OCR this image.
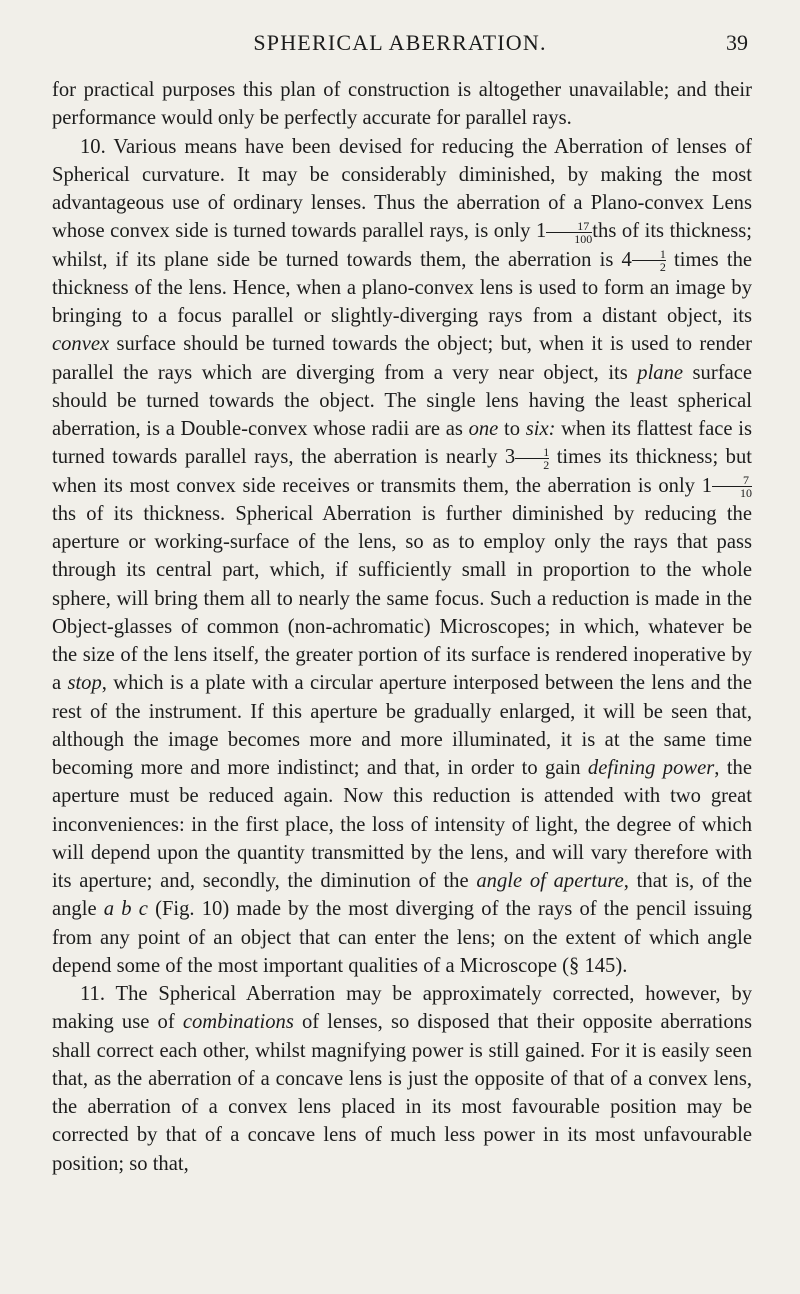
SPHERICAL ABERRATION.	39

for practical purposes this plan of construction is altogether unavailable; and their performance would only be perfectly accurate for parallel rays.

10. Various means have been devised for reducing the Aberration of lenses of Spherical curvature. It may be considerably diminished, by making the most advantageous use of ordinary lenses. Thus the aberration of a Plano-convex Lens whose convex side is turned towards parallel rays, is only $1 \frac{17}{100}$ ths of its thickness; whilst, if its plane side be turned towards them, the aberration is $4 \frac{1}{2}$ times the thickness of the lens. Hence, when a plano-convex lens is used to form an image by bringing to a focus parallel or slightly-diverging rays from a distant object, its convex surface should be turned towards the object; but, when it is used to render parallel the rays which are diverging from a very near object, its plane surface should be turned towards the object. The single lens having the least spherical aberration, is a Double-convex whose radii are as one to six: when its flattest face is turned towards parallel rays, the aberration is nearly $3 \frac{1}{2}$ times its thickness; but when its most convex side receives or transmits them, the aberration is only $1 \frac{7}{10}$
ths of its thickness. Spherical Aberration is further diminished by reducing the aperture or working-surface of the lens, so as to employ only the rays that pass through its central part, which, if sufficiently small in proportion to the whole sphere, will bring them all to nearly the same focus. Such a reduction is made in the Object-glasses of common (non-achromatic) Microscopes; in which, whatever be the size of the lens itself, the greater portion of its surface is rendered inoperative by a stop, which is a plate with a circular aperture interposed between the lens and the rest of the instrument. If this aperture be gradually enlarged, it will be seen that, although the image becomes more and more illuminated, it is at the same time becoming more and more indistinct; and that, in order to gain defining power, the aperture must be reduced again. Now this reduction is attended with two great inconveniences: in the first place, the loss of intensity of light, the degree of which will depend upon the quantity transmitted by the lens, and will vary therefore with its aperture; and, secondly, the diminution of the angle of aperture, that is, of the angle a b c (Fig. 10) made by the most diverging of the rays of the pencil issuing from any point of an object that can enter the lens; on the extent of which angle depend some of the most important qualities of a Microscope (§ 145).

11. The Spherical Aberration may be approximately corrected, however, by making use of combinations of lenses, so disposed that their opposite aberrations shall correct each other, whilst magnifying power is still gained. For it is easily seen that, as the aberration of a concave lens is just the opposite of that of a convex lens, the aberration of a convex lens placed in its most favourable position may be corrected by that of a concave lens of much less power in its most unfavourable position; so that,
